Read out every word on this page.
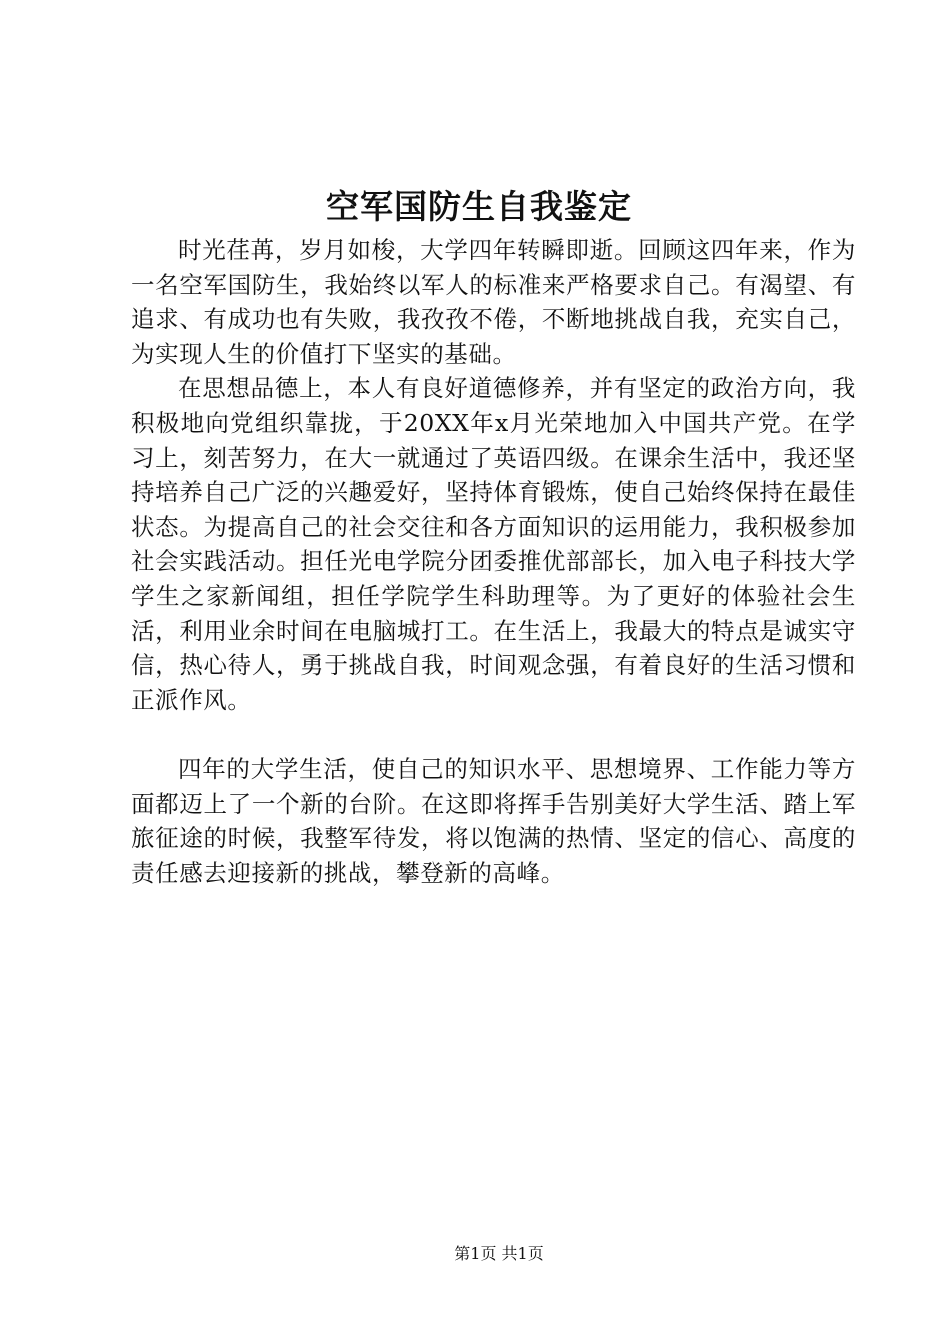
空军国防生自我鉴定

时光荏苒，岁月如梭，大学四年转瞬即逝。回顾这四年来，作为一名空军国防生，我始终以军人的标准来严格要求自己。有渴望、有追求、有成功也有失败，我孜孜不倦，不断地挑战自我，充实自己，为实现人生的价值打下坚实的基础。

在思想品德上，本人有良好道德修养，并有坚定的政治方向，我积极地向党组织靠拢，于20XX年x月光荣地加入中国共产党。在学习上，刻苦努力，在大一就通过了英语四级。在课余生活中，我还坚持培养自己广泛的兴趣爱好，坚持体育锻炼，使自己始终保持在最佳状态。为提高自己的社会交往和各方面知识的运用能力，我积极参加社会实践活动。担任光电学院分团委推优部部长，加入电子科技大学学生之家新闻组，担任学院学生科助理等。为了更好的体验社会生活，利用业余时间在电脑城打工。在生活上，我最大的特点是诚实守信，热心待人，勇于挑战自我，时间观念强，有着良好的生活习惯和正派作风。

四年的大学生活，使自己的知识水平、思想境界、工作能力等方面都迈上了一个新的台阶。在这即将挥手告别美好大学生活、踏上军旅征途的时候，我整军待发，将以饱满的热情、坚定的信心、高度的责任感去迎接新的挑战，攀登新的高峰。

第1页 共1页
